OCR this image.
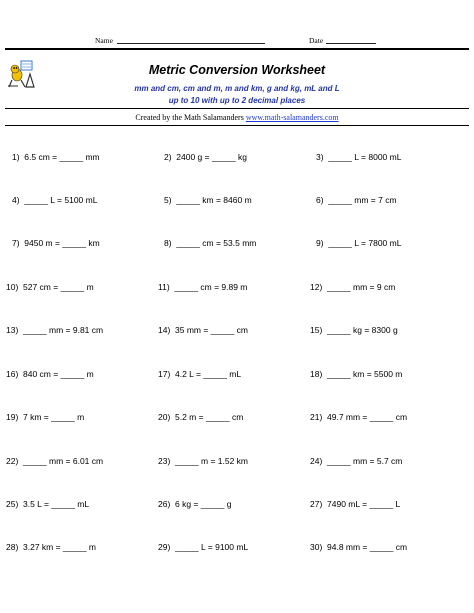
Name	Date
Metric Conversion Worksheet
mm and cm, cm and m, m and km, g and kg, mL and L
up to 10 with up to 2 decimal places
Created by the Math Salamanders www.math-salamanders.com
1)  6.5 cm = _____ mm	2)  2400 g = _____ kg	3)  _____ L = 8000 mL
4)  _____ L = 5100 mL	5)  _____ km = 8460 m	6)  _____ mm = 7 cm
7)  9450 m = _____ km	8)  _____ cm = 53.5 mm	9)  _____ L = 7800 mL
10)  527 cm = _____ m	11)  _____ cm = 9.89 m	12)  _____ mm = 9 cm
13)  _____ mm = 9.81 cm	14)  35 mm = _____ cm	15)  _____ kg = 8300 g
16)  840 cm = _____ m	17)  4.2 L = _____ mL	18)  _____ km = 5500 m
19)  7 km = _____ m	20)  5.2 m = _____ cm	21)  49.7 mm = _____ cm
22)  _____ mm = 6.01 cm	23)  _____ m = 1.52 km	24)  _____ mm = 5.7 cm
25)  3.5 L = _____ mL	26)  6 kg = _____ g	27)  7490 mL = _____ L
28)  3.27 km = _____ m	29)  _____ L = 9100 mL	30)  94.8 mm = _____ cm
